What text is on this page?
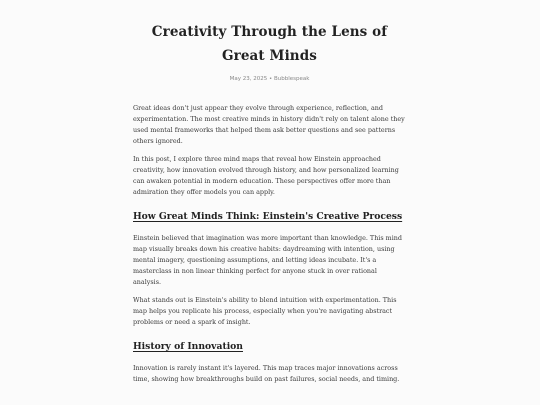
Creativity Through the Lens of Great Minds
May 23, 2025 • Bubblespeak

Great ideas don't just appear they evolve through experience, reflection, and experimentation. The most creative minds in history didn't rely on talent alone they used mental frameworks that helped them ask better questions and see patterns others ignored.

In this post, I explore three mind maps that reveal how Einstein approached creativity, how innovation evolved through history, and how personalized learning can awaken potential in modern education. These perspectives offer more than admiration they offer models you can apply.

How Great Minds Think: Einstein's Creative Process

Einstein believed that imagination was more important than knowledge. This mind map visually breaks down his creative habits: daydreaming with intention, using mental imagery, questioning assumptions, and letting ideas incubate. It's a masterclass in non linear thinking perfect for anyone stuck in over rational analysis.

What stands out is Einstein's ability to blend intuition with experimentation. This map helps you replicate his process, especially when you're navigating abstract problems or need a spark of insight.

History of Innovation

Innovation is rarely instant it's layered. This map traces major innovations across time, showing how breakthroughs build on past failures, social needs, and timing.
